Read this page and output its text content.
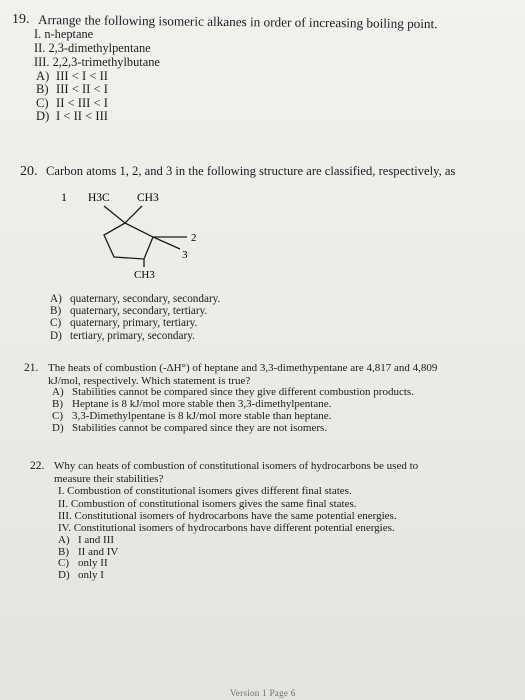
19. Arrange the following isomeric alkanes in order of increasing boiling point.
I. n-heptane
II. 2,3-dimethylpentane
III. 2,2,3-trimethylbutane
A) III < I < II
B) III < II < I
C) II < III < I
D) I < II < III
20. Carbon atoms 1, 2, and 3 in the following structure are classified, respectively, as
1 H3C CH3
2
3
CH3
A) quaternary, secondary, secondary.
B) quaternary, secondary, tertiary.
C) quaternary, primary, tertiary.
D) tertiary, primary, secondary.
21. The heats of combustion (-ΔH°) of heptane and 3,3-dimethypentane are 4,817 and 4,809
kJ/mol, respectively. Which statement is true?
A) Stabilities cannot be compared since they give different combustion products.
B) Heptane is 8 kJ/mol more stable then 3,3-dimethylpentane.
C) 3,3-Dimethylpentane is 8 kJ/mol more stable than heptane.
D) Stabilities cannot be compared since they are not isomers.
22. Why can heats of combustion of constitutional isomers of hydrocarbons be used to
measure their stabilities?
I. Combustion of constitutional isomers gives different final states.
II. Combustion of constitutional isomers gives the same final states.
III. Constitutional isomers of hydrocarbons have the same potential energies.
IV. Constitutional isomers of hydrocarbons have different potential energies.
A) I and III
B) II and IV
C) only II
D) only I
Version 1 Page 6
